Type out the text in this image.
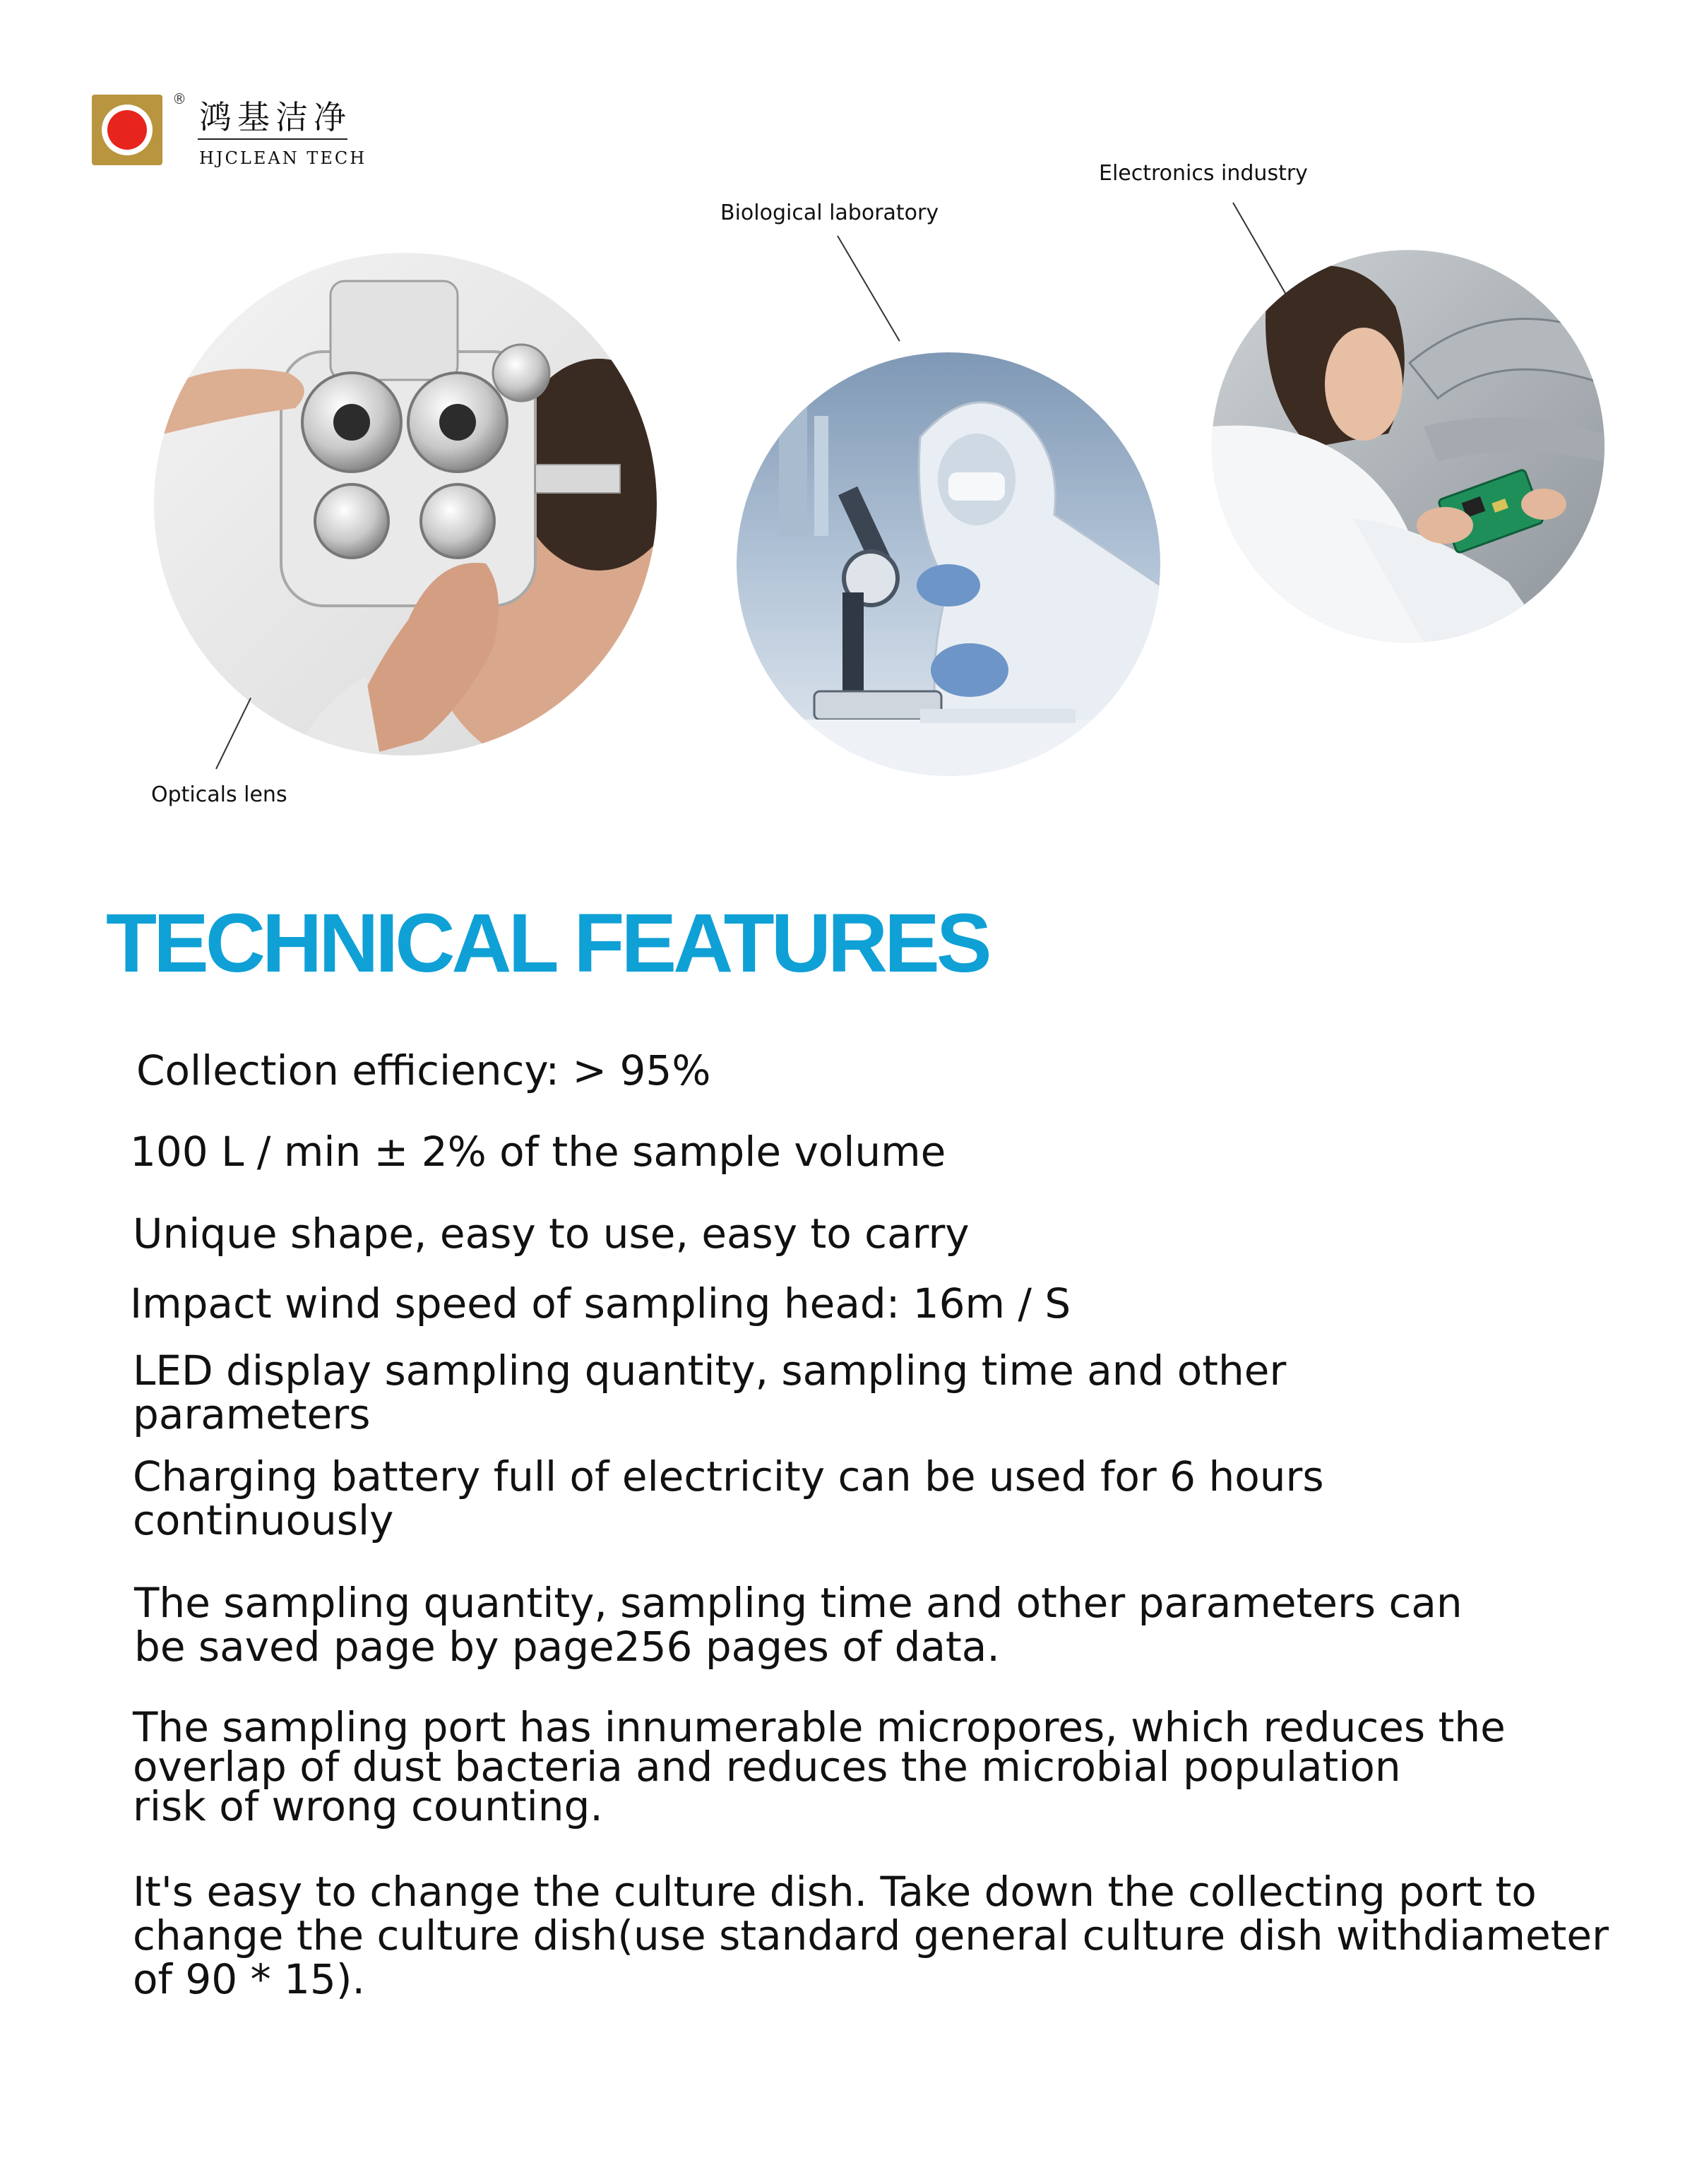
® 鸿基洁净
HJCLEAN TECH
Opticals lens
Biological laboratory
Electronics industry
TECHNICAL FEATURES

Collection efficiency: > 95%

100 L / min ± 2% of the sample volume

Unique shape, easy to use, easy to carry

Impact wind speed of sampling head: 16m / S

LED display sampling quantity, sampling time and other
parameters

Charging battery full of electricity can be used for 6 hours
continuously

The sampling quantity, sampling time and other parameters can
be saved page by page256 pages of data.

The sampling port has innumerable micropores, which reduces the
overlap of dust bacteria and reduces the microbial population
risk of wrong counting.

It's easy to change the culture dish. Take down the collecting port to
change the culture dish(use standard general culture dish withdiameter
of 90 * 15).
